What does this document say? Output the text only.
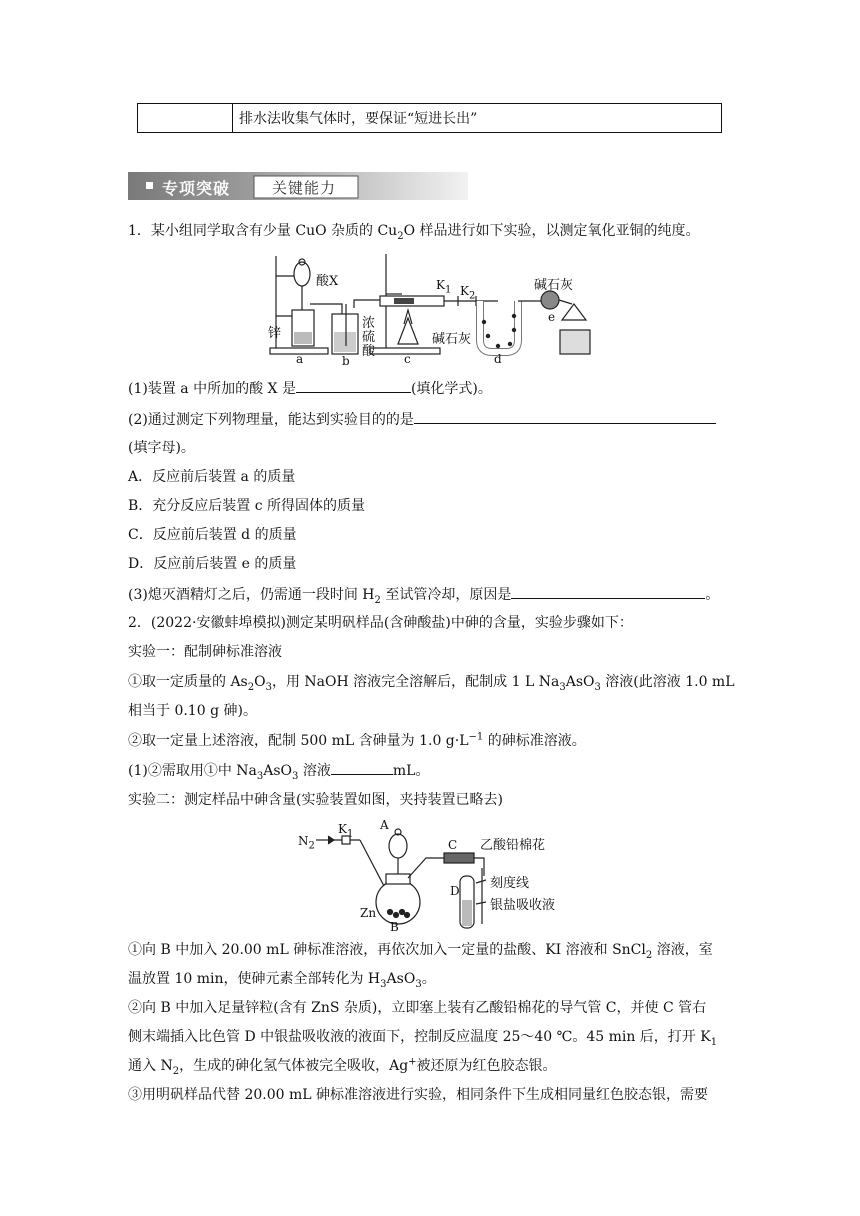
	排水法收集气体时，要保证“短进长出”
专项突破	关键能力
1．某小组同学取含有少量 CuO 杂质的 $Cu_2O$ 样品进行如下实验，以测定氧化亚铜的纯度。
酸X
锌
浓
硫
酸
$K_1$ $K_2$
碱石灰
碱石灰
a	b	c	d
e
(1)装置 a 中所加的酸 X 是	(填化学式)。
(2)通过测定下列物理量，能达到实验目的的是
(填字母)。
A．反应前后装置 a 的质量
B．充分反应后装置 c 所得固体的质量
C．反应前后装置 d 的质量
D．反应前后装置 e 的质量
(3)熄灭酒精灯之后，仍需通一段时间 $H_2$ 至试管冷却，原因是	。
2．(2022·安徽蚌埠模拟)测定某明矾样品(含砷酸盐)中砷的含量，实验步骤如下：
实验一：配制砷标准溶液
①取一定质量的 $As_2O_3$，用 NaOH 溶液完全溶解后，配制成 1 L $Na_3AsO_3$ 溶液(此溶液 1.0 mL
相当于 0.10 g 砷)。
②取一定量上述溶液，配制 500 mL 含砷量为 1.0 $g\cdot L^{-1}$ 的砷标准溶液。
(1)②需取用①中 $Na_3AsO_3$ 溶液	mL。
实验二：测定样品中砷含量(实验装置如图，夹持装置已略去)
$N_2$
$K_1$
A
C
D
Zn
B
乙酸铅棉花
刻度线
银盐吸收液
①向 B 中加入 20.00 mL 砷标准溶液，再依次加入一定量的盐酸、KI 溶液和 SnCl$_2$ 溶液，室
温放置 10 min，使砷元素全部转化为 $H_3AsO_3$。
②向 B 中加入足量锌粒(含有 ZnS 杂质)，立即塞上装有乙酸铅棉花的导气管 C，并使 C 管右
侧末端插入比色管 D 中银盐吸收液的液面下，控制反应温度 25～40 ℃。45 min 后，打开 $K_1$
通入 $N_2$，生成的砷化氢气体被完全吸收，Ag+被还原为红色胶态银。
③用明矾样品代替 20.00 mL 砷标准溶液进行实验，相同条件下生成相同量红色胶态银，需要
